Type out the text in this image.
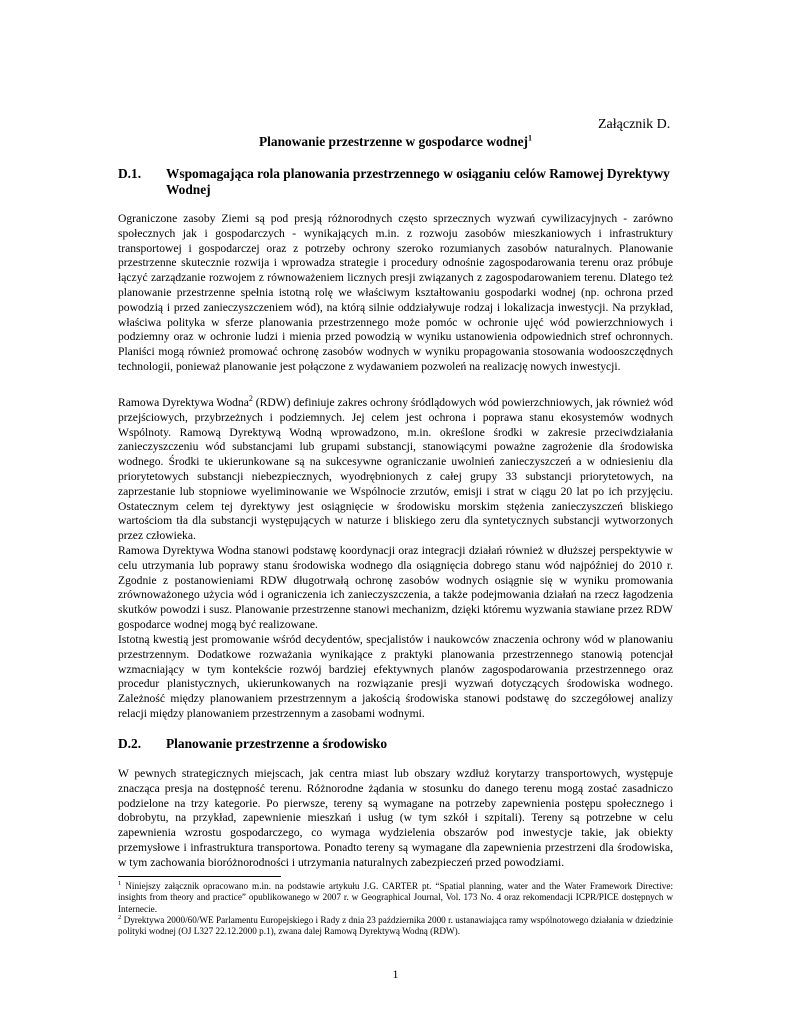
Załącznik D.
Planowanie przestrzenne w gospodarce wodnej$^1$
D.1. Wspomagająca rola planowania przestrzennego w osiąganiu celów Ramowej Dyrektywy Wodnej
Ograniczone zasoby Ziemi są pod presją różnorodnych często sprzecznych wyzwań cywilizacyjnych - zarówno społecznych jak i gospodarczych - wynikających m.in. z rozwoju zasobów mieszkaniowych i infrastruktury transportowej i gospodarczej oraz z potrzeby ochrony szeroko rozumianych zasobów naturalnych. Planowanie przestrzenne skutecznie rozwija i wprowadza strategie i procedury odnośnie zagospodarowania terenu oraz próbuje łączyć zarządzanie rozwojem z równoważeniem licznych presji związanych z zagospodarowaniem terenu. Dlatego też planowanie przestrzenne spełnia istotną rolę we właściwym kształtowaniu gospodarki wodnej (np. ochrona przed powodzią i przed zanieczyszczeniem wód), na którą silnie oddziaływuje rodzaj i lokalizacja inwestycji. Na przykład, właściwa polityka w sferze planowania przestrzennego może pomóc w ochronie ujęć wód powierzchniowych i podziemny oraz w ochronie ludzi i mienia przed powodzią w wyniku ustanowienia odpowiednich stref ochronnych. Planiści mogą również promować ochronę zasobów wodnych w wyniku propagowania stosowania wodooszczędnych technologii, ponieważ planowanie jest połączone z wydawaniem pozwoleń na realizację nowych inwestycji.
Ramowa Dyrektywa Wodna$^2$ (RDW) definiuje zakres ochrony śródlądowych wód powierzchniowych, jak również wód przejściowych, przybrzeżnych i podziemnych. Jej celem jest ochrona i poprawa stanu ekosystemów wodnych Wspólnoty. Ramową Dyrektywą Wodną wprowadzono, m.in. określone środki w zakresie przeciwdziałania zanieczyszczeniu wód substancjami lub grupami substancji, stanowiącymi poważne zagrożenie dla środowiska wodnego. Środki te ukierunkowane są na sukcesywne ograniczanie uwolnień zanieczyszczeń a w odniesieniu dla priorytetowych substancji niebezpiecznych, wyodrębnionych z całej grupy 33 substancji priorytetowych, na zaprzestanie lub stopniowe wyeliminowanie we Wspólnocie zrzutów, emisji i strat w ciągu 20 lat po ich przyjęciu. Ostatecznym celem tej dyrektywy jest osiągnięcie w środowisku morskim stężenia zanieczyszczeń bliskiego wartościom tła dla substancji występujących w naturze i bliskiego zeru dla syntetycznych substancji wytworzonych przez człowieka.
Ramowa Dyrektywa Wodna stanowi podstawę koordynacji oraz integracji działań również w dłuższej perspektywie w celu utrzymania lub poprawy stanu środowiska wodnego dla osiągnięcia dobrego stanu wód najpóźniej do 2010 r. Zgodnie z postanowieniami RDW długotrwałą ochronę zasobów wodnych osiągnie się w wyniku promowania zrównoważonego użycia wód i ograniczenia ich zanieczyszczenia, a także podejmowania działań na rzecz łagodzenia skutków powodzi i susz. Planowanie przestrzenne stanowi mechanizm, dzięki któremu wyzwania stawiane przez RDW gospodarce wodnej mogą być realizowane.
Istotną kwestią jest promowanie wśród decydentów, specjalistów i naukowców znaczenia ochrony wód w planowaniu przestrzennym. Dodatkowe rozważania wynikające z praktyki planowania przestrzennego stanowią potencjał wzmacniający w tym kontekście rozwój bardziej efektywnych planów zagospodarowania przestrzennego oraz procedur planistycznych, ukierunkowanych na rozwiązanie presji wyzwań dotyczących środowiska wodnego. Zależność między planowaniem przestrzennym a jakością środowiska stanowi podstawę do szczegółowej analizy relacji między planowaniem przestrzennym a zasobami wodnymi.
D.2. Planowanie przestrzenne a środowisko
W pewnych strategicznych miejscach, jak centra miast lub obszary wzdłuż korytarzy transportowych, występuje znacząca presja na dostępność terenu. Różnorodne żądania w stosunku do danego terenu mogą zostać zasadniczo podzielone na trzy kategorie. Po pierwsze, tereny są wymagane na potrzeby zapewnienia postępu społecznego i dobrobytu, na przykład, zapewnienie mieszkań i usług (w tym szkół i szpitali). Tereny są potrzebne w celu zapewnienia wzrostu gospodarczego, co wymaga wydzielenia obszarów pod inwestycje takie, jak obiekty przemysłowe i infrastruktura transportowa. Ponadto tereny są wymagane dla zapewnienia przestrzeni dla środowiska, w tym zachowania bioróżnorodności i utrzymania naturalnych zabezpieczeń przed powodziami.

$^1$ Niniejszy załącznik opracowano m.in. na podstawie artykułu J.G. CARTER pt. “Spatial planning, water and the Water Framework Directive: insights from theory and practice” opublikowanego w 2007 r. w Geographical Journal, Vol. 173 No. 4 oraz rekomendacji ICPR/PICE dostępnych w Internecie.

$^2$ Dyrektywa 2000/60/WE Parlamentu Europejskiego i Rady z dnia 23 października 2000 r. ustanawiająca ramy wspólnotowego działania w dziedzinie polityki wodnej (OJ L327 22.12.2000 p.1), zwana dalej Ramową Dyrektywą Wodną (RDW).

1
